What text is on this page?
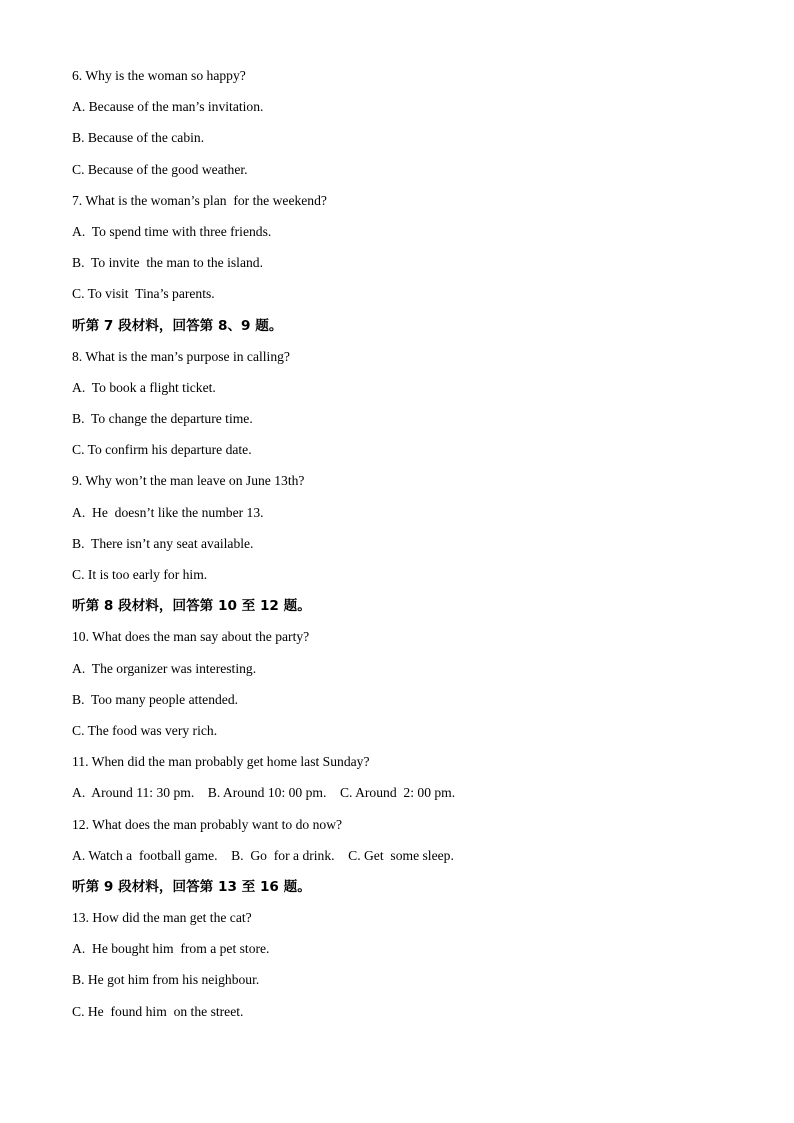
6. Why is the woman so happy?
A. Because of the man’s invitation.
B. Because of the cabin.
C. Because of the good weather.
7. What is the woman’s plan  for the weekend?
A.  To spend time with three friends.
B.  To invite  the man to the island.
C. To visit  Tina’s parents.
听第 7 段材料，回答第 8、9 题。
8. What is the man’s purpose in calling?
A.  To book a flight ticket.
B.  To change the departure time.
C. To confirm his departure date.
9. Why won’t the man leave on June 13th?
A.  He  doesn’t like the number 13.
B.  There isn’t any seat available.
C. It is too early for him.
听第 8 段材料，回答第 10 至 12 题。
10. What does the man say about the party?
A.  The organizer was interesting.
B.  Too many people attended.
C. The food was very rich.
11. When did the man probably get home last Sunday?
A.  Around 11: 30 pm.    B. Around 10: 00 pm.    C. Around  2: 00 pm.
12. What does the man probably want to do now?
A. Watch a  football game.    B.  Go  for a drink.    C. Get  some sleep.
听第 9 段材料，回答第 13 至 16 题。
13. How did the man get the cat?
A.  He bought him  from a pet store.
B. He got him from his neighbour.
C. He  found him  on the street.
